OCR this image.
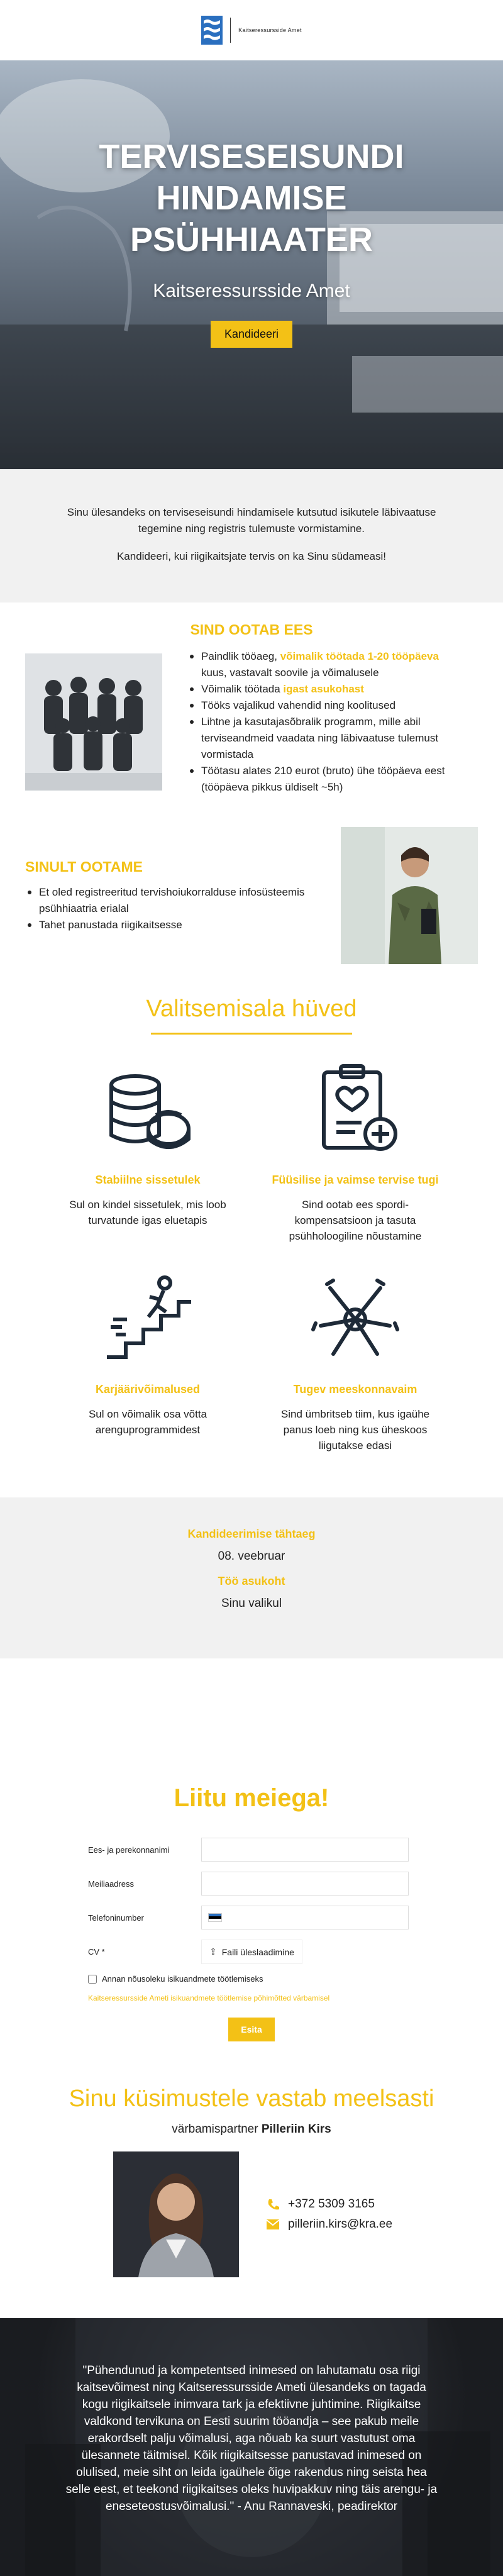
Kaitseressursside Amet
TERVISESEISUNDI
HINDAMISE
PSÜHHIAATER
Kaitseressursside Amet
Kandideeri

Sinu ülesandeks on terviseseisundi hindamisele kutsutud isikutele läbivaatuse tegemine ning registris tulemuste vormistamine.

Kandideeri, kui riigikaitsjate tervis on ka Sinu südameasi!

SIND OOTAB EES
Paindlik tööaeg, võimalik töötada 1-20 tööpäeva kuus, vastavalt soovile ja võimalusele
Võimalik töötada igast asukohast
Tööks vajalikud vahendid ning koolitused
Lihtne ja kasutajasõbralik programm, mille abil terviseandmeid vaadata ning läbivaatuse tulemust vormistada
Töötasu alates 210 eurot (bruto) ühe tööpäeva eest
(tööpäeva pikkus üldiselt ~5h)
SINULT OOTAME
Et oled registreeritud tervishoiukorralduse infosüsteemis psühhiaatria erialal
Tahet panustada riigikaitsesse
Valitsemisala hüved
Stabiilne sissetulek
Sul on kindel sissetulek, mis loob turvatunde igas eluetapis
Füüsilise ja vaimse tervise tugi
Sind ootab ees spordi-kompensatsioon ja tasuta psühholoogiline nõustamine
Karjäärivõimalused
Sul on võimalik osa võtta arenguprogrammidest
Tugev meeskonnavaim
Sind ümbritseb tiim, kus igaühe panus loeb ning kus üheskoos liigutakse edasi
Kandideerimise tähtaeg
08. veebruar
Töö asukoht
Sinu valikul
Liitu meiega!
Ees- ja perekonnanimi
Meiliaadress
Telefoninumber
CV *	⇪ Faili üleslaadimine
Annan nõusoleku isikuandmete töötlemiseks
Kaitseressursside Ameti isikuandmete töötlemise põhimõtted värbamisel
Esita
Sinu küsimustele vastab meelsasti
värbamispartner Pilleriin Kirs
+372 5309 3165
pilleriin.kirs@kra.ee
"Pühendunud ja kompetentsed inimesed on lahutamatu osa riigi kaitsevõimest ning Kaitseressursside Ameti ülesandeks on tagada kogu riigikaitsele inimvara tark ja efektiivne juhtimine. Riigikaitse valdkond tervikuna on Eesti suurim tööandja – see pakub meile erakordselt palju võimalusi, aga nõuab ka suurt vastutust oma ülesannete täitmisel. Kõik riigikaitsesse panustavad inimesed on olulised, meie siht on leida igaühele õige rakendus ning seista hea selle eest, et teekond riigikaitses oleks huvipakkuv ning täis arengu- ja eneseteostusvõimalusi." - Anu Rannaveski, peadirektor
